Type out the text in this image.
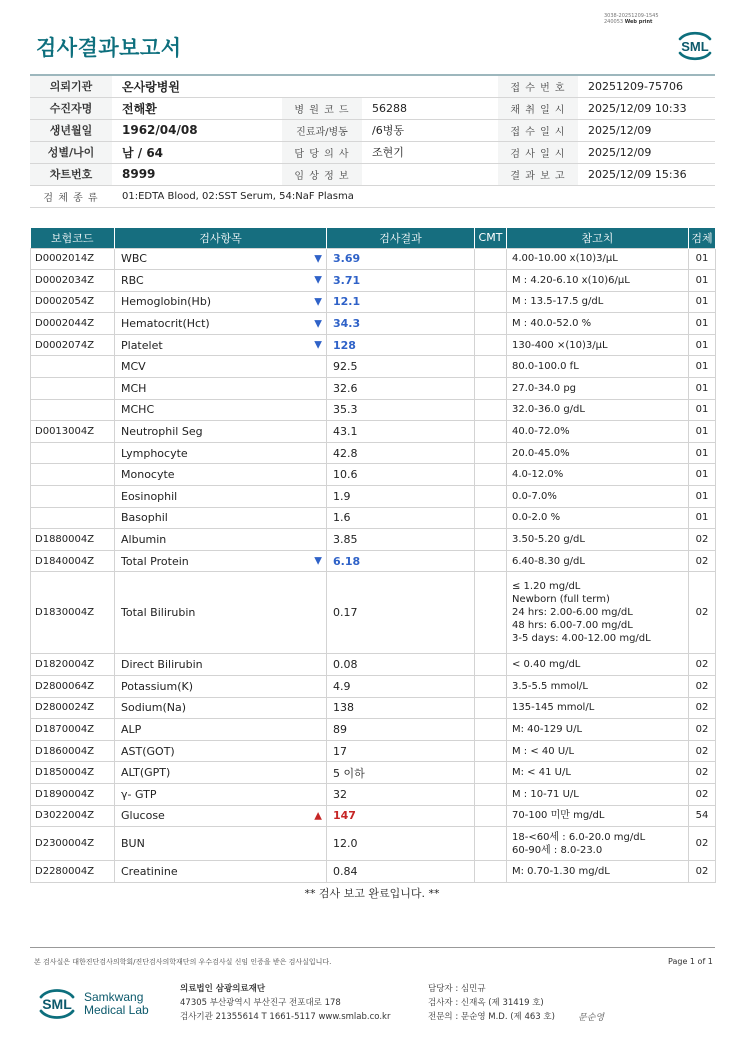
3038-20251209-1545
240053 Web print
검사결과보고서	SML
의뢰기관	온사랑병원			접 수 번 호	20251209-75706
수진자명	전해환	병 원 코 드	56288	채 취 일 시	2025/12/09 10:33
생년월일	1962/04/08	진료과/병동	/6병동	접 수 일 시	2025/12/09
성별/나이	남 / 64	담 당 의 사	조현기	검 사 일 시	2025/12/09
차트번호	8999	임 상 정 보		결 과 보 고	2025/12/09 15:36
검 체 종 류	01:EDTA Blood, 02:SST Serum, 54:NaF Plasma				
보험코드	검사항목	검사결과	CMT	참고치	검체
D0002014Z	WBC ▼	3.69		4.00-10.00 x(10)3/µL	01
D0002034Z	RBC ▼	3.71		M : 4.20-6.10 x(10)6/µL	01
D0002054Z	Hemoglobin(Hb) ▼	12.1		M : 13.5-17.5 g/dL	01
D0002044Z	Hematocrit(Hct) ▼	34.3		M : 40.0-52.0 %	01
D0002074Z	Platelet ▼	128		130-400 ×(10)3/µL	01
	MCV	92.5		80.0-100.0 fL	01
	MCH	32.6		27.0-34.0 pg	01
	MCHC	35.3		32.0-36.0 g/dL	01
D0013004Z	Neutrophil Seg	43.1		40.0-72.0%	01
	Lymphocyte	42.8		20.0-45.0%	01
	Monocyte	10.6		4.0-12.0%	01
	Eosinophil	1.9		0.0-7.0%	01
	Basophil	1.6		0.0-2.0 %	01
D1880004Z	Albumin	3.85		3.50-5.20 g/dL	02
D1840004Z	Total Protein ▼	6.18		6.40-8.30 g/dL	02
D1830004Z	Total Bilirubin	0.17		≤ 1.20 mg/dL
Newborn (full term)
24 hrs: 2.00-6.00 mg/dL
48 hrs: 6.00-7.00 mg/dL
3-5 days: 4.00-12.00 mg/dL	02
D1820004Z	Direct Bilirubin	0.08		< 0.40 mg/dL	02
D2800064Z	Potassium(K)	4.9		3.5-5.5 mmol/L	02
D2800024Z	Sodium(Na)	138		135-145 mmol/L	02
D1870004Z	ALP	89		M: 40-129 U/L	02
D1860004Z	AST(GOT)	17		M : < 40 U/L	02
D1850004Z	ALT(GPT)	5 이하		M: < 41 U/L	02
D1890004Z	γ- GTP	32		M : 10-71 U/L	02
D3022004Z	Glucose ▲	147		70-100 미만 mg/dL	54
D2300004Z	BUN	12.0		18-<60세 : 6.0-20.0 mg/dL
60-90세 : 8.0-23.0	02
D2280004Z	Creatinine	0.84		M: 0.70-1.30 mg/dL	02
** 검사 보고 완료입니다. **
본 검사실은 대한진단검사의학회/진단검사의학재단의 우수검사실 신임 인증을 받은 검사실입니다.	Page 1 of 1
SML Samkwang
Medical Lab
의료법인 삼광의료재단
47305 부산광역시 부산진구 전포대로 178
검사기관 21355614 T 1661-5117 www.smlab.co.kr
담당자 : 심민규
검사자 : 신재옥 (제 31419 호)
전문의 : 문순영 M.D. (제 463 호)	문순영
